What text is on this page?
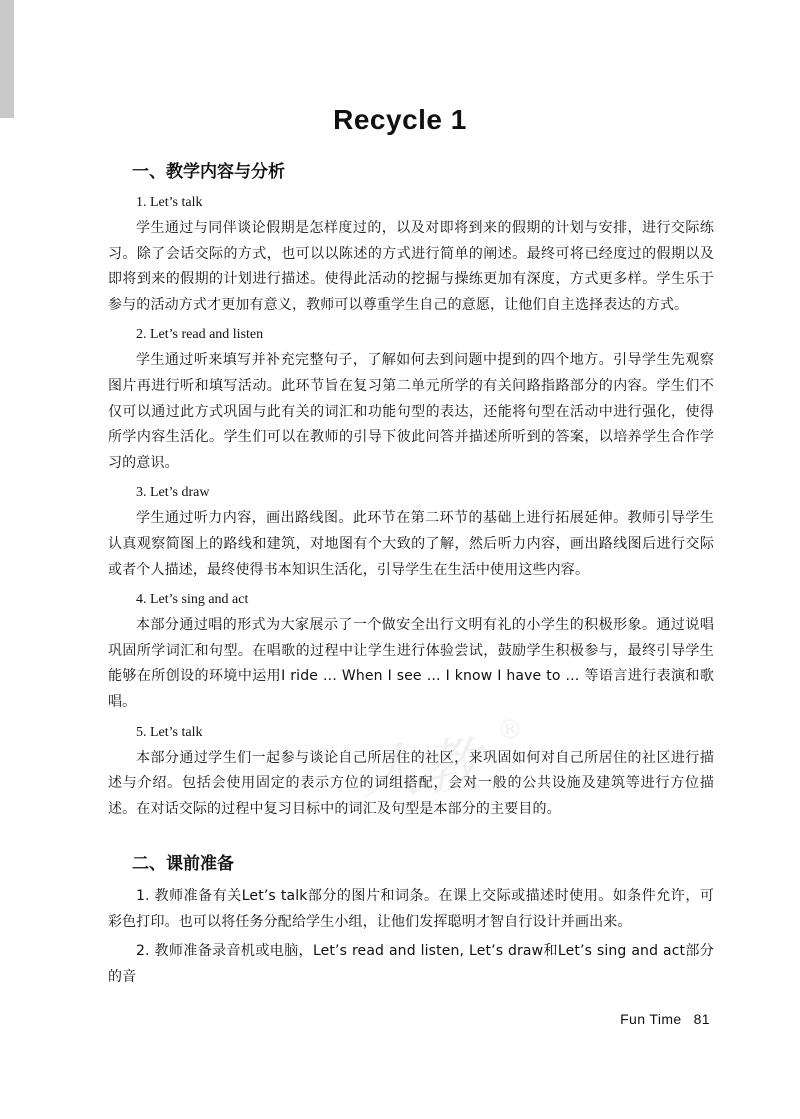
Recycle 1
人教 ®
一、教学内容与分析
1. Let’s talk

学生通过与同伴谈论假期是怎样度过的，以及对即将到来的假期的计划与安排，进行交际练习。除了会话交际的方式，也可以以陈述的方式进行简单的阐述。最终可将已经度过的假期以及即将到来的假期的计划进行描述。使得此活动的挖掘与操练更加有深度，方式更多样。学生乐于参与的活动方式才更加有意义，教师可以尊重学生自己的意愿，让他们自主选择表达的方式。

2. Let’s read and listen

学生通过听来填写并补充完整句子，了解如何去到问题中提到的四个地方。引导学生先观察图片再进行听和填写活动。此环节旨在复习第二单元所学的有关问路指路部分的内容。学生们不仅可以通过此方式巩固与此有关的词汇和功能句型的表达，还能将句型在活动中进行强化，使得所学内容生活化。学生们可以在教师的引导下彼此问答并描述所听到的答案，以培养学生合作学习的意识。

3. Let’s draw

学生通过听力内容，画出路线图。此环节在第二环节的基础上进行拓展延伸。教师引导学生认真观察简图上的路线和建筑，对地图有个大致的了解，然后听力内容，画出路线图后进行交际或者个人描述，最终使得书本知识生活化，引导学生在生活中使用这些内容。

4. Let’s sing and act

本部分通过唱的形式为大家展示了一个做安全出行文明有礼的小学生的积极形象。通过说唱巩固所学词汇和句型。在唱歌的过程中让学生进行体验尝试，鼓励学生积极参与，最终引导学生能够在所创设的环境中运用I ride … When I see … I know I have to … 等语言进行表演和歌唱。

5. Let’s talk

本部分通过学生们一起参与谈论自己所居住的社区，来巩固如何对自己所居住的社区进行描述与介绍。包括会使用固定的表示方位的词组搭配，会对一般的公共设施及建筑等进行方位描述。在对话交际的过程中复习目标中的词汇及句型是本部分的主要目的。

二、课前准备

1. 教师准备有关Let’s talk部分的图片和词条。在课上交际或描述时使用。如条件允许，可彩色打印。也可以将任务分配给学生小组，让他们发挥聪明才智自行设计并画出来。

2. 教师准备录音机或电脑，Let’s read and listen, Let’s draw和Let’s sing and act部分的音

Fun Time 81
